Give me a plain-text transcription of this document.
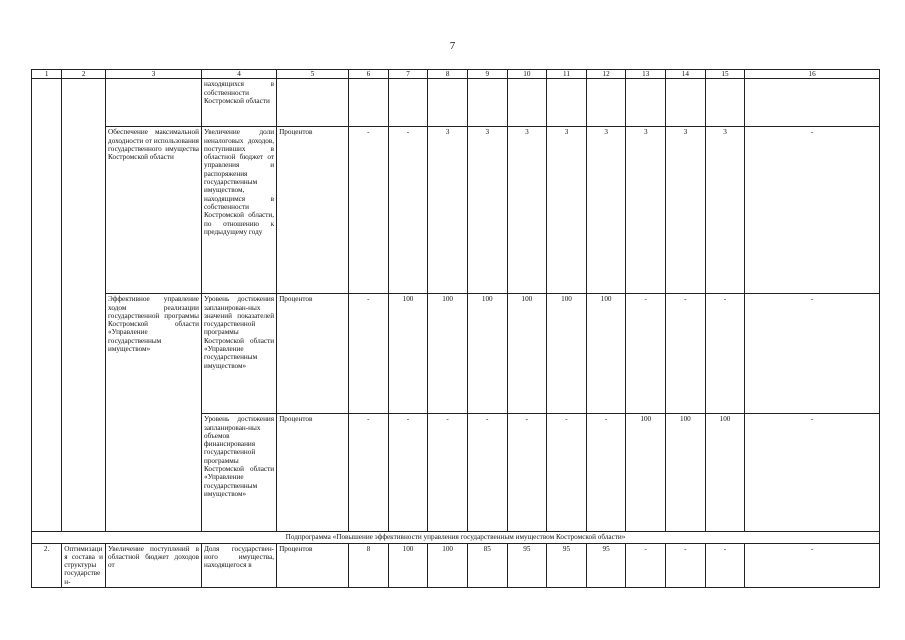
7
1	2	3	4	5	6	7	8	9	10	11	12	13	14	15	16
			находящихся в собственности Костромской области												
		Обеспечение максимальной доходности от использования государственного имущества Костромской области	Увеличение доли неналоговых доходов, поступивших в областной бюджет от управления и распоряжения государственным имуществом, находящимся в собственности Костромской области, по отношению к предыдущему году	Процентов	-	-	3	3	3	3	3	3	3	3	-
		Эффективное управление ходом реализации государственной программы Костромской области «Управление государственным имуществом»	Уровень достижения запланирован-ных значений показателей государственной программы Костромской области «Управление государственным имуществом»	Процентов	-	100	100	100	100	100	100	-	-	-	-
			Уровень достижения запланирован-ных объемов финансирования государственной программы Костромской области «Управление государственным имуществом»	Процентов	-	-	-	-	-	-	-	100	100	100	-
Подпрограмма «Повышение эффективности управления государственным имуществом Костромской области»															
2.	Оптимизация состава и структуры государствен-	Увеличение поступлений в областной бюджет доходов от	Доля государствен-ного имущества, находящегося в	Процентов	8	100	100	85	95	95	95	-	-	-	-
